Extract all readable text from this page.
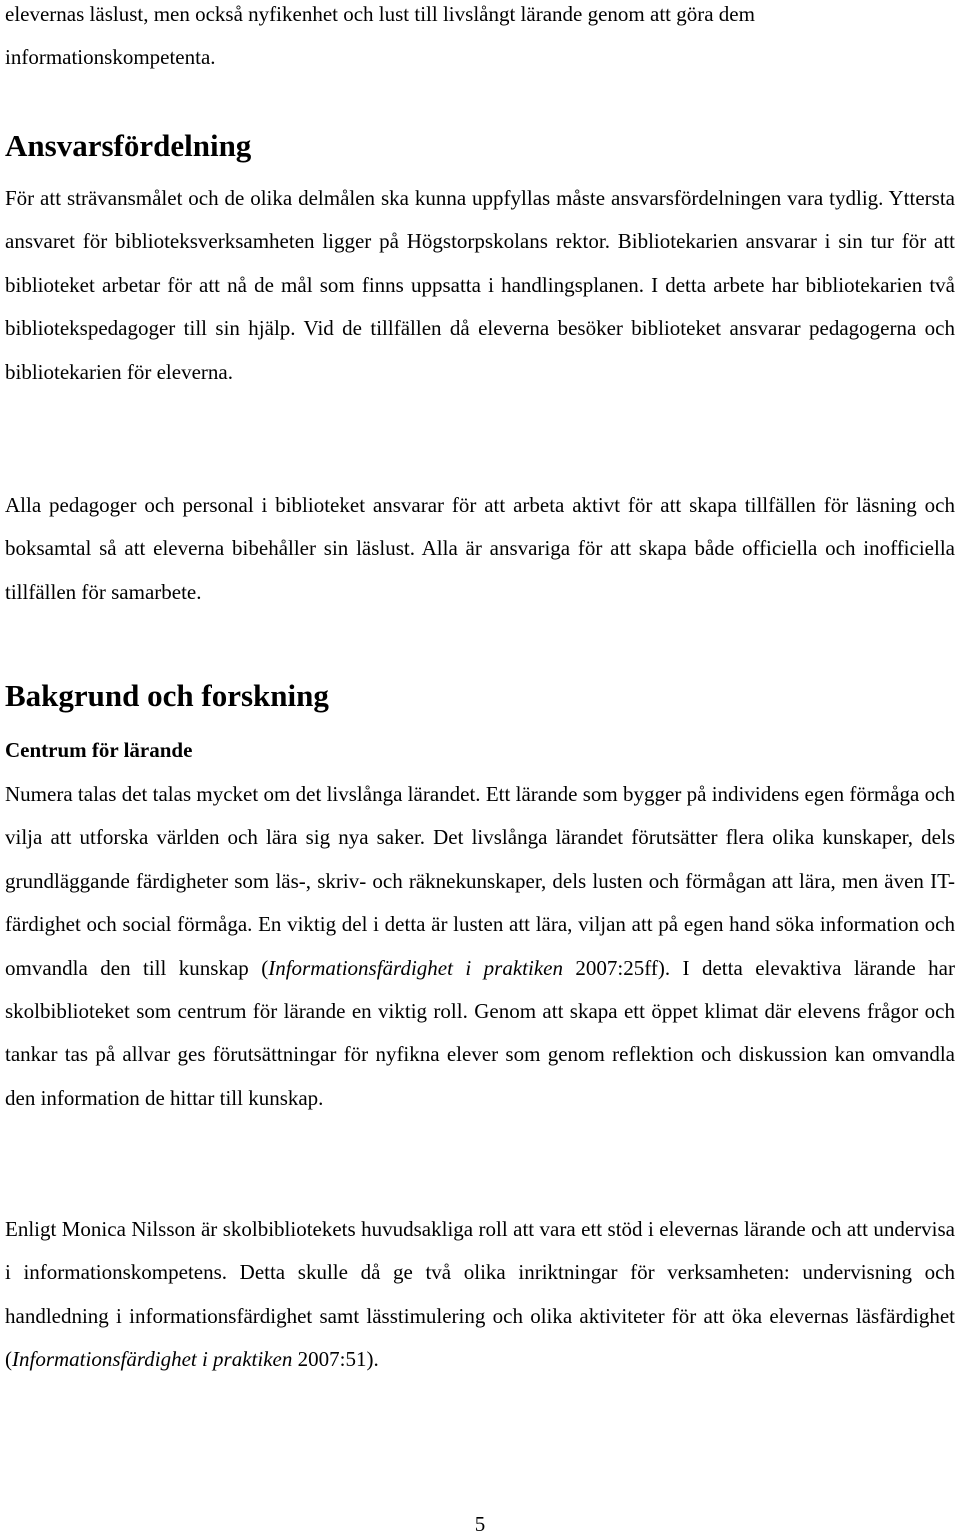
elevernas läslust, men också nyfikenhet och lust till livslångt lärande genom att göra dem informationskompetenta.

Ansvarsfördelning

För att strävansmålet och de olika delmålen ska kunna uppfyllas måste ansvarsfördelningen vara tydlig. Yttersta ansvaret för biblioteksverksamheten ligger på Högstorpskolans rektor. Bibliotekarien ansvarar i sin tur för att biblioteket arbetar för att nå de mål som finns uppsatta i handlingsplanen. I detta arbete har bibliotekarien två bibliotekspedagoger till sin hjälp. Vid de tillfällen då eleverna besöker biblioteket ansvarar pedagogerna och bibliotekarien för eleverna.

Alla pedagoger och personal i biblioteket ansvarar för att arbeta aktivt för att skapa tillfällen för läsning och boksamtal så att eleverna bibehåller sin läslust. Alla är ansvariga för att skapa både officiella och inofficiella tillfällen för samarbete.

Bakgrund och forskning
Centrum för lärande

Numera talas det talas mycket om det livslånga lärandet. Ett lärande som bygger på individens egen förmåga och vilja att utforska världen och lära sig nya saker. Det livslånga lärandet förutsätter flera olika kunskaper, dels grundläggande färdigheter som läs-, skriv- och räknekunskaper, dels lusten och förmågan att lära, men även IT-färdighet och social förmåga. En viktig del i detta är lusten att lära, viljan att på egen hand söka information och omvandla den till kunskap (Informationsfärdighet i praktiken 2007:25ff). I detta elevaktiva lärande har skolbiblioteket som centrum för lärande en viktig roll. Genom att skapa ett öppet klimat där elevens frågor och tankar tas på allvar ges förutsättningar för nyfikna elever som genom reflektion och diskussion kan omvandla den information de hittar till kunskap.

Enligt Monica Nilsson är skolbibliotekets huvudsakliga roll att vara ett stöd i elevernas lärande och att undervisa i informationskompetens. Detta skulle då ge två olika inriktningar för verksamheten: undervisning och handledning i informationsfärdighet samt lässtimulering och olika aktiviteter för att öka elevernas läsfärdighet (Informationsfärdighet i praktiken 2007:51).

5
